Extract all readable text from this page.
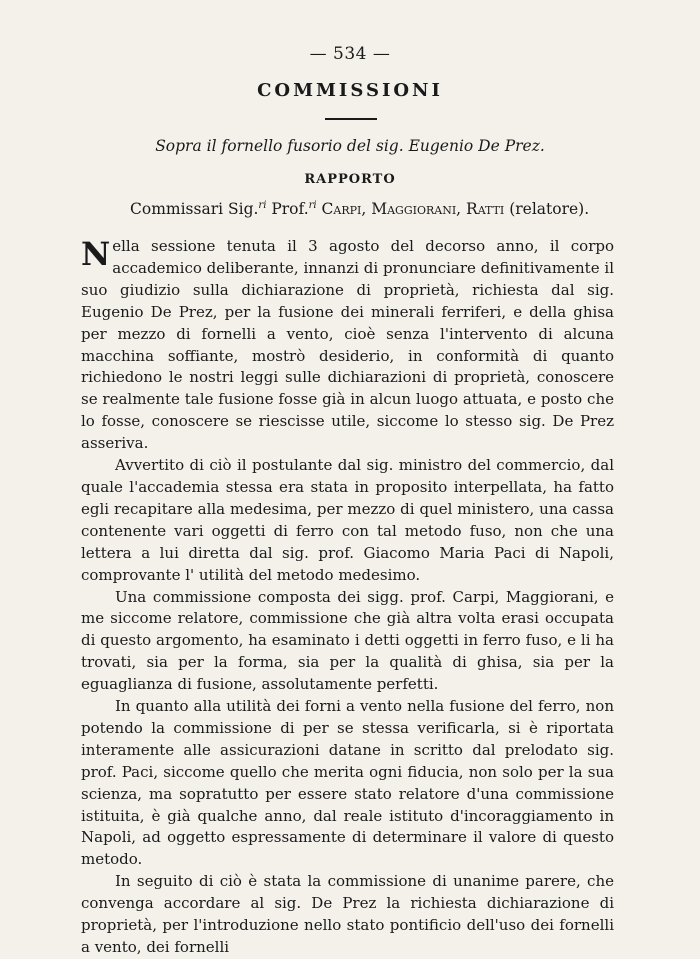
— 534 —
COMMISSIONI
Sopra il fornello fusorio del sig. Eugenio De Prez.
RAPPORTO
Commissari Sig.$^{ri}$ Prof.$^{ri}$ Carpi, Maggiorani, Ratti (relatore).

Nella sessione tenuta il 3 agosto del decorso anno, il corpo accademico deliberante, innanzi di pronunciare definitivamente il suo giudizio sulla dichiarazione di proprietà, richiesta dal sig. Eugenio De Prez, per la fusione dei minerali ferriferi, e della ghisa per mezzo di fornelli a vento, cioè senza l'intervento di alcuna macchina soffiante, mostrò desiderio, in conformità di quanto richiedono le nostri leggi sulle dichiarazioni di proprietà, conoscere se realmente tale fusione fosse già in alcun luogo attuata, e posto che lo fosse, conoscere se riescisse utile, siccome lo stesso sig. De Prez asseriva.

Avvertito di ciò il postulante dal sig. ministro del commercio, dal quale l'accademia stessa era stata in proposito interpellata, ha fatto egli recapitare alla medesima, per mezzo di quel ministero, una cassa contenente vari oggetti di ferro con tal metodo fuso, non che una lettera a lui diretta dal sig. prof. Giacomo Maria Paci di Napoli, comprovante l' utilità del metodo medesimo.

Una commissione composta dei sigg. prof. Carpi, Maggiorani, e me siccome relatore, commissione che già altra volta erasi occupata di questo argomento, ha esaminato i detti oggetti in ferro fuso, e li ha trovati, sia per la forma, sia per la qualità di ghisa, sia per la eguaglianza di fusione, assolutamente perfetti.

In quanto alla utilità dei forni a vento nella fusione del ferro, non potendo la commissione di per se stessa verificarla, si è riportata interamente alle assicurazioni datane in scritto dal prelodato sig. prof. Paci, siccome quello che merita ogni fiducia, non solo per la sua scienza, ma sopratutto per essere stato relatore d'una commissione istituita, è già qualche anno, dal reale istituto d'incoraggiamento in Napoli, ad oggetto espressamente di determinare il valore di questo metodo.

In seguito di ciò è stata la commissione di unanime parere, che convenga accordare al sig. De Prez la richiesta dichiarazione di proprietà, per l'introduzione nello stato pontificio dell'uso dei fornelli a vento, dei fornelli
